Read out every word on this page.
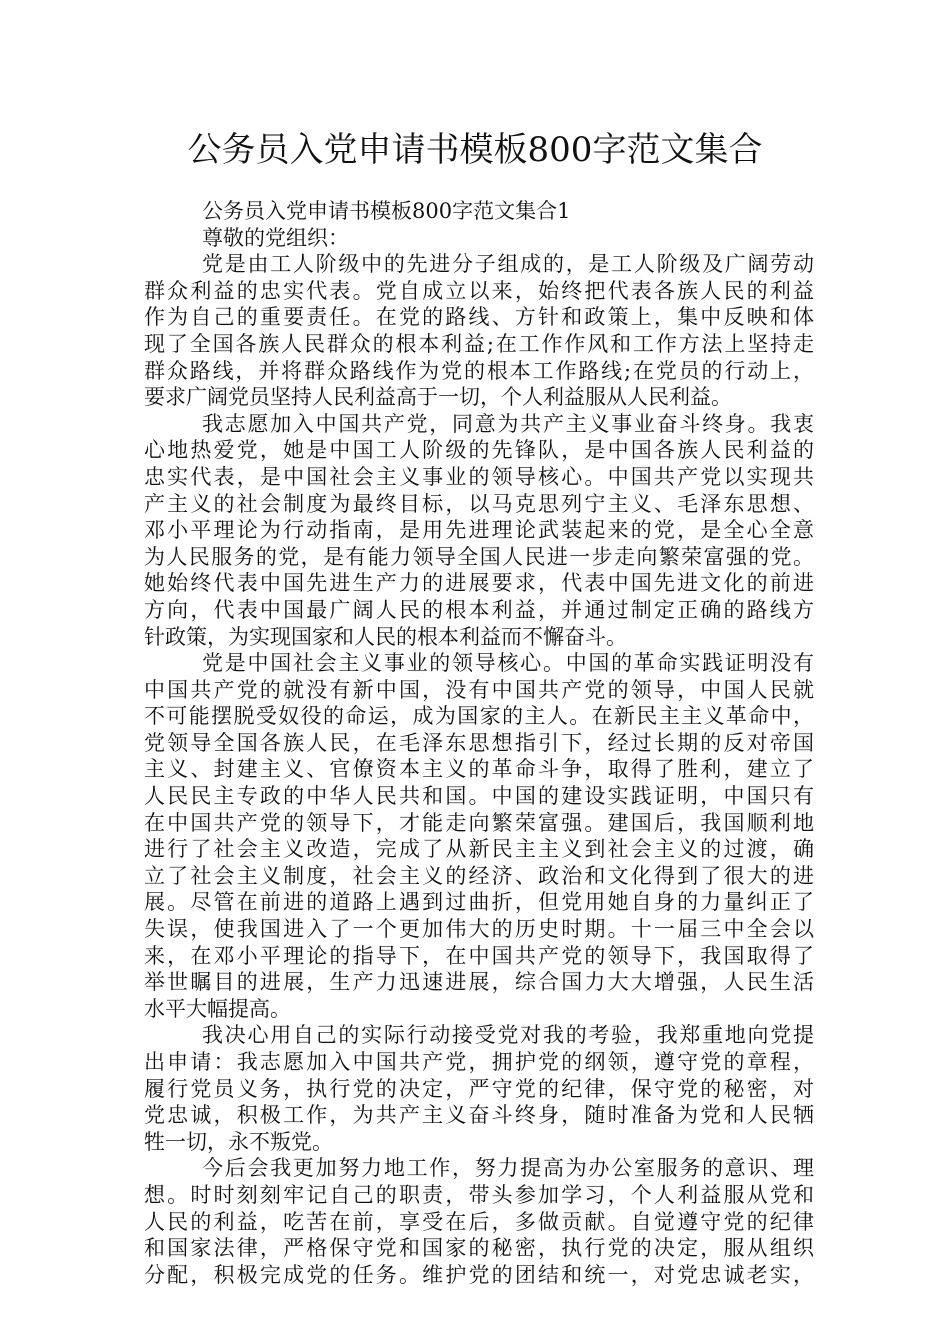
公务员入党申请书模板800字范文集合
公务员入党申请书模板800字范文集合1
尊敬的党组织：
党是由工人阶级中的先进分子组成的，是工人阶级及广阔劳动
群众利益的忠实代表。党自成立以来，始终把代表各族人民的利益
作为自己的重要责任。在党的路线、方针和政策上，集中反映和体
现了全国各族人民群众的根本利益;在工作作风和工作方法上坚持走
群众路线，并将群众路线作为党的根本工作路线;在党员的行动上，
要求广阔党员坚持人民利益高于一切，个人利益服从人民利益。
我志愿加入中国共产党，同意为共产主义事业奋斗终身。我衷
心地热爱党，她是中国工人阶级的先锋队，是中国各族人民利益的
忠实代表，是中国社会主义事业的领导核心。中国共产党以实现共
产主义的社会制度为最终目标，以马克思列宁主义、毛泽东思想、
邓小平理论为行动指南，是用先进理论武装起来的党，是全心全意
为人民服务的党，是有能力领导全国人民进一步走向繁荣富强的党。
她始终代表中国先进生产力的进展要求，代表中国先进文化的前进
方向，代表中国最广阔人民的根本利益，并通过制定正确的路线方
针政策，为实现国家和人民的根本利益而不懈奋斗。
党是中国社会主义事业的领导核心。中国的革命实践证明没有
中国共产党的就没有新中国，没有中国共产党的领导，中国人民就
不可能摆脱受奴役的命运，成为国家的主人。在新民主主义革命中，
党领导全国各族人民，在毛泽东思想指引下，经过长期的反对帝国
主义、封建主义、官僚资本主义的革命斗争，取得了胜利，建立了
人民民主专政的中华人民共和国。中国的建设实践证明，中国只有
在中国共产党的领导下，才能走向繁荣富强。建国后，我国顺利地
进行了社会主义改造，完成了从新民主主义到社会主义的过渡，确
立了社会主义制度，社会主义的经济、政治和文化得到了很大的进
展。尽管在前进的道路上遇到过曲折，但党用她自身的力量纠正了
失误，使我国进入了一个更加伟大的历史时期。十一届三中全会以
来，在邓小平理论的指导下，在中国共产党的领导下，我国取得了
举世瞩目的进展，生产力迅速进展，综合国力大大增强，人民生活
水平大幅提高。
我决心用自己的实际行动接受党对我的考验，我郑重地向党提
出申请：我志愿加入中国共产党，拥护党的纲领，遵守党的章程，
履行党员义务，执行党的决定，严守党的纪律，保守党的秘密，对
党忠诚，积极工作，为共产主义奋斗终身，随时准备为党和人民牺
牲一切，永不叛党。
今后会我更加努力地工作，努力提高为办公室服务的意识、理
想。时时刻刻牢记自己的职责，带头参加学习，个人利益服从党和
人民的利益，吃苦在前，享受在后，多做贡献。自觉遵守党的纪律
和国家法律，严格保守党和国家的秘密，执行党的决定，服从组织
分配，积极完成党的任务。维护党的团结和统一，对党忠诚老实，
